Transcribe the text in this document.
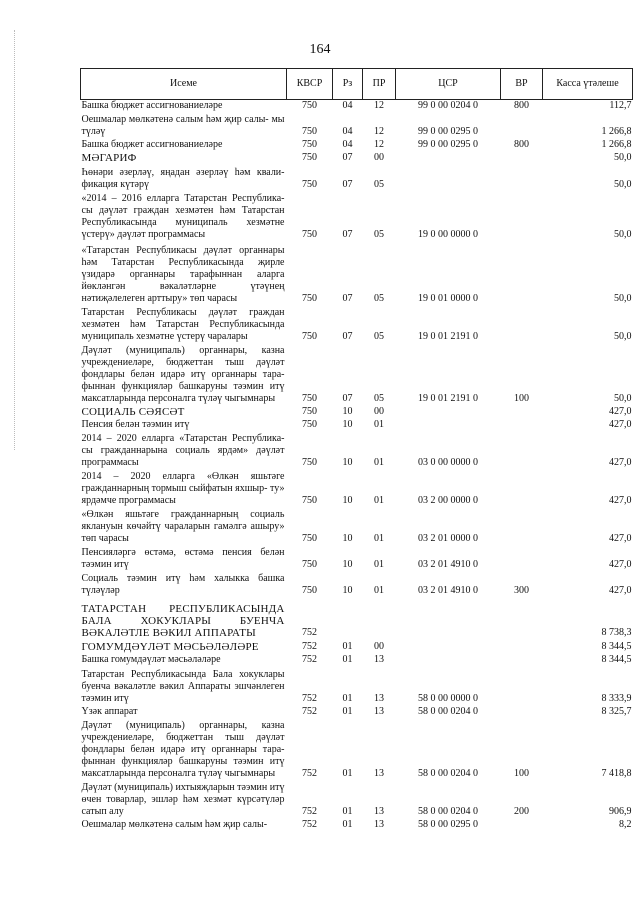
164
Исеме	КВСР	Рз	ПР	ЦСР	ВР	Касса үтәлеше
Башка бюджет ассигнованиеләре	750	04	12	99 0 00 0204 0	800	112,7
Оешмалар мөлкәтенә салым һәм җир салы- мы түләү	750	04	12	99 0 00 0295 0		1 266,8
Башка бюджет ассигнованиеләре	750	04	12	99 0 00 0295 0	800	1 266,8
МӘГАРИФ	750	07	00			50,0
Һөнәри әзерләү, яңадан әзерләү һәм квали- фикация күтәрү	750	07	05			50,0
«2014 – 2016 елларга Татарстан Республика- сы дәүләт граждан хезмәтен һәм Татарстан Республикасында муниципаль хезмәтне үстерү» дәүләт программасы	750	07	05	19 0 00 0000 0		50,0
«Татарстан Республикасы дәүләт органнары һәм Татарстан Республикасында җирле үзидарә органнары тарафыннан аларга йөкләнгән вәкаләтләрне үтәүнең нәтиҗәлелеген арттыру» төп чарасы	750	07	05	19 0 01 0000 0		50,0
Татарстан Республикасы дәүләт граждан хезмәтен һәм Татарстан Республикасында муниципаль хезмәтне үстерү чаралары	750	07	05	19 0 01 2191 0		50,0
Дәүләт (муниципаль) органнары, казна учреждениеләре, бюджеттан тыш дәүләт фондлары белән идарә итү органнары тара- фыннан функцияләр башкаруны тәэмин итү максатларында персоналга түләү чыгымнары	750	07	05	19 0 01 2191 0	100	50,0
СОЦИАЛЬ СӘЯСӘТ	750	10	00			427,0
Пенсия белән тәэмин итү	750	10	01			427,0
2014 – 2020 елларга «Татарстан Республика- сы гражданнарына социаль ярдәм» дәүләт программасы	750	10	01	03 0 00 0000 0		427,0
2014 – 2020 елларга «Өлкән яшьтәге гражданнарның тормыш сыйфатын яхшыр- ту» ярдәмче программасы	750	10	01	03 2 00 0000 0		427,0
«Өлкән яшьтәге гражданнарның социаль яклануын көчәйтү чараларын гамәлгә ашыру» төп чарасы	750	10	01	03 2 01 0000 0		427,0
Пенсияләргә өстәмә, өстәмә пенсия белән тәэмин итү	750	10	01	03 2 01 4910 0		427,0
Социаль тәэмин итү һәм халыкка башка түләүләр	750	10	01	03 2 01 4910 0	300	427,0
ТАТАРСТАН РЕСПУБЛИКАСЫНДА БАЛА ХОКУКЛАРЫ БУЕНЧА ВӘКАЛӘТЛЕ ВӘКИЛ АППАРАТЫ	752					8 738,3
ГОМУМДӘҮЛӘТ МӘСЬӘЛӘЛӘРЕ	752	01	00			8 344,5
Башка гомумдәүләт мәсьәләләре	752	01	13			8 344,5
Татарстан Республикасында Бала хокуклары буенча вәкаләтле вәкил Аппараты эшчәнлеген тәэмин итү	752	01	13	58 0 00 0000 0		8 333,9
Үзәк аппарат	752	01	13	58 0 00 0204 0		8 325,7
Дәүләт (муниципаль) органнары, казна учреждениеләре, бюджеттан тыш дәүләт фондлары белән идарә итү органнары тара- фыннан функцияләр башкаруны тәэмин итү максатларында персоналга түләү чыгымнары	752	01	13	58 0 00 0204 0	100	7 418,8
Дәүләт (муниципаль) ихтыяҗларын тәэмин итү өчен товарлар, эшләр һәм хезмәт күрсәтүләр сатып алу	752	01	13	58 0 00 0204 0	200	906,9
Оешмалар мөлкәтенә салым һәм җир салы-	752	01	13	58 0 00 0295 0		8,2
